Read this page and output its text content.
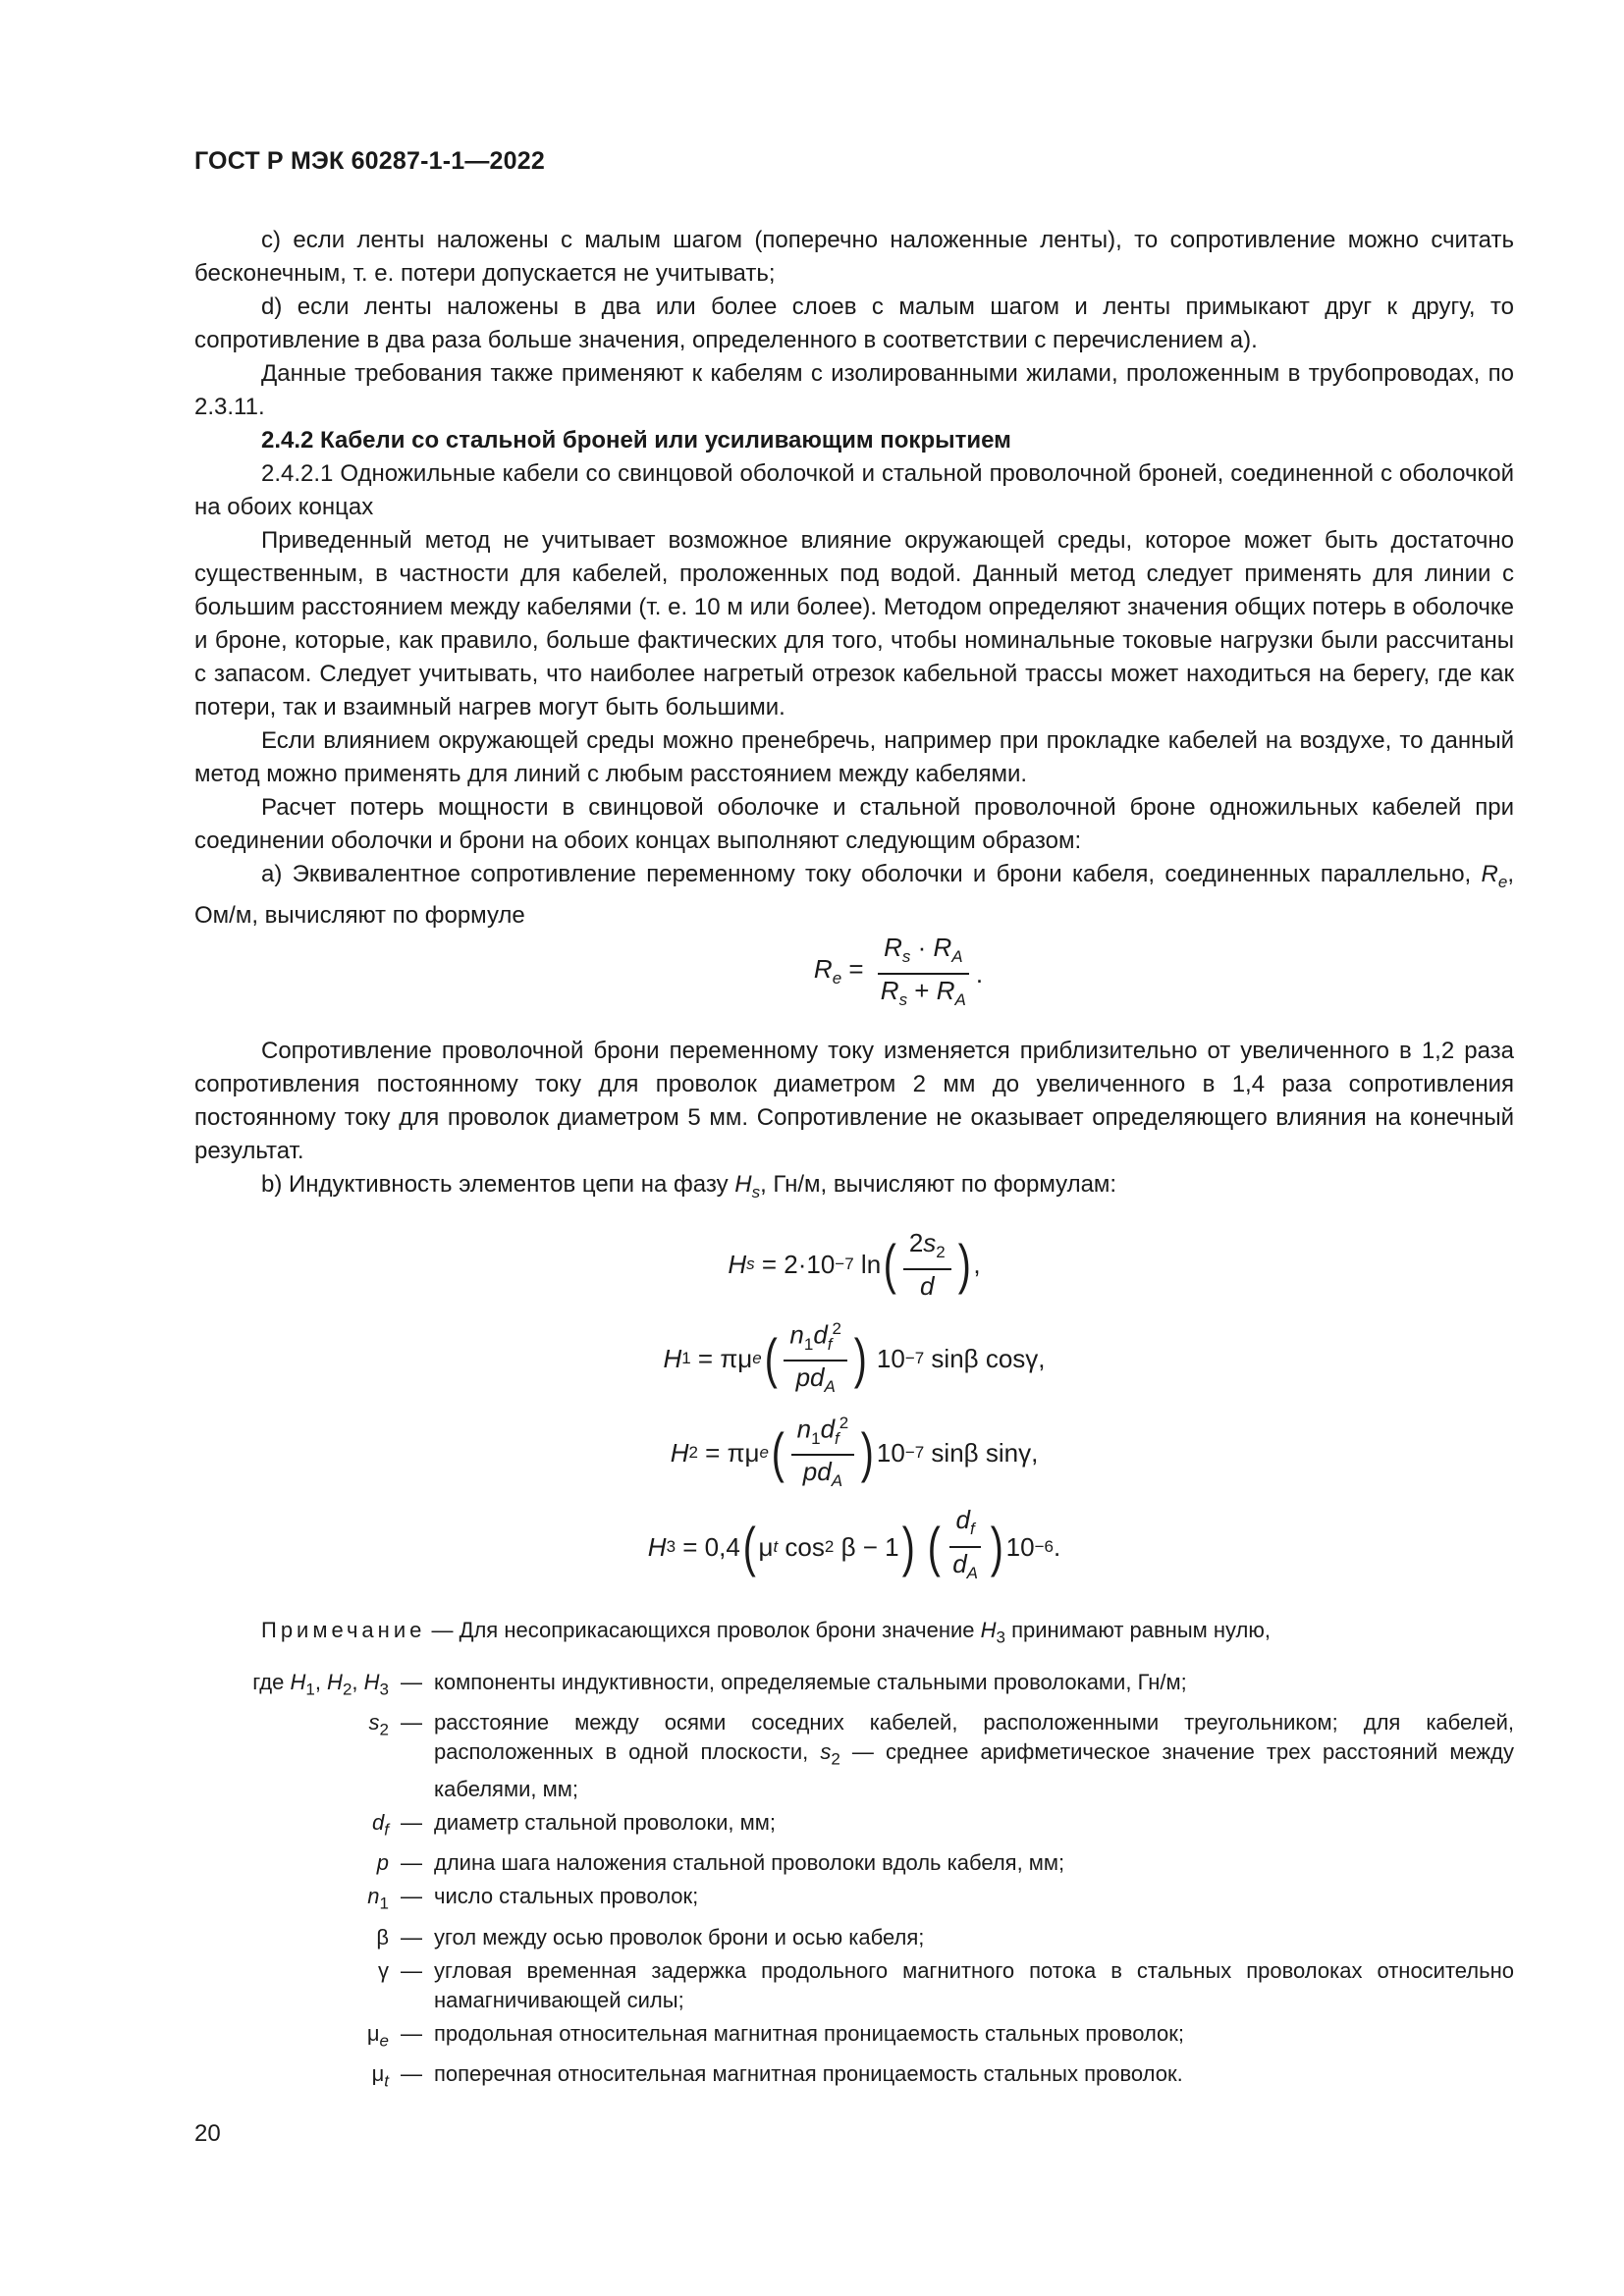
ГОСТ Р МЭК 60287-1-1—2022

c) если ленты наложены с малым шагом (поперечно наложенные ленты), то сопротивление можно считать бесконечным, т. е. потери допускается не учитывать;

d) если ленты наложены в два или более слоев с малым шагом и ленты примыкают друг к другу, то сопротивление в два раза больше значения, определенного в соответствии с перечислением а).

Данные требования также применяют к кабелям с изолированными жилами, проложенным в трубопроводах, по 2.3.11.

2.4.2 Кабели со стальной броней или усиливающим покрытием

2.4.2.1 Одножильные кабели со свинцовой оболочкой и стальной проволочной броней, соединенной с оболочкой на обоих концах

Приведенный метод не учитывает возможное влияние окружающей среды, которое может быть достаточно существенным, в частности для кабелей, проложенных под водой. Данный метод следует применять для линии с большим расстоянием между кабелями (т. е. 10 м или более). Методом определяют значения общих потерь в оболочке и броне, которые, как правило, больше фактических для того, чтобы номинальные токовые нагрузки были рассчитаны с запасом. Следует учитывать, что наиболее нагретый отрезок кабельной трассы может находиться на берегу, где как потери, так и взаимный нагрев могут быть большими.

Если влиянием окружающей среды можно пренебречь, например при прокладке кабелей на воздухе, то данный метод можно применять для линий с любым расстоянием между кабелями.

Расчет потерь мощности в свинцовой оболочке и стальной проволочной броне одножильных кабелей при соединении оболочки и брони на обоих концах выполняют следующим образом:

a) Эквивалентное сопротивление переменному току оболочки и брони кабеля, соединенных параллельно, $R_e$, Ом/м, вычисляют по формуле

$R_e = \frac{R_s \cdot R_A}{R_s + R_A}$ .

Сопротивление проволочной брони переменному току изменяется приблизительно от увеличенного в 1,2 раза сопротивления постоянному току для проволок диаметром 2 мм до увеличенного в 1,4 раза сопротивления постоянному току для проволок диаметром 5 мм. Сопротивление не оказывает определяющего влияния на конечный результат.

b) Индуктивность элементов цепи на фазу $H_s$, Гн/м, вычисляют по формулам:

H s = 2·10 −7 ln ( $\frac{2s_2}{d}$ ) ,
H 1 = πμ e ( $\frac{n_1d_f^2}{pd_A}$ ) 10 −7 sinβ cosγ,
H 2 = πμ e ( $\frac{n_1d_f^2}{pd_A}$ ) 10 −7 sinβ sinγ,
H 3 = 0,4 ( μ t cos 2 β − 1 )
( $\frac{d_f}{d_A}$ ) 10 −6 .
Примечание — Для несоприкасающихся проволок брони значение $H_3$ принимают равным нулю,
где $H_1$, $H_2$, $H_3$ — компоненты индуктивности, определяемые стальными проволоками, Гн/м;
$s_2$ — расстояние между осями соседних кабелей, расположенными треугольником; для кабелей, расположенных в одной плоскости, $s_2$ — среднее арифметическое значение трех расстояний между кабелями, мм;
$d_f$ — диаметр стальной проволоки, мм;
p — длина шага наложения стальной проволоки вдоль кабеля, мм;
$n_1$ — число стальных проволок;
β — угол между осью проволок брони и осью кабеля;
γ — угловая временная задержка продольного магнитного потока в стальных проволоках относительно намагничивающей силы;
$\mu_e$ — продольная относительная магнитная проницаемость стальных проволок;
$\mu_t$ — поперечная относительная магнитная проницаемость стальных проволок.
20
